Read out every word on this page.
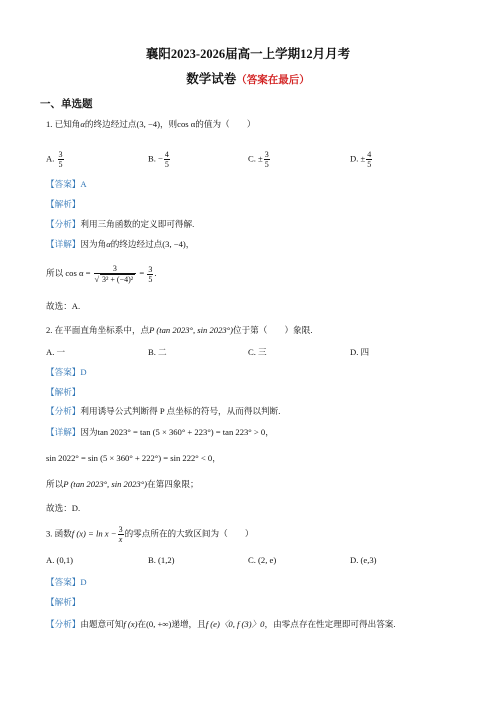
襄阳2023-2026届高一上学期12月月考
数学试卷（答案在最后）
一、单选题
1. 已知角α的终边经过点(3, −4)，则cos α的值为（　　）
A. $\frac{3}{5}$	B. − $\frac{4}{5}$	C. ± $\frac{3}{5}$	D. ± $\frac{4}{5}$
【答案】A
【解析】
【分析】利用三角函数的定义即可得解.
【详解】因为角α的终边经过点(3, −4)，
所以 $\cos \alpha = \frac{3}{\text{√ 3² + (−4)²}} = \frac{3}{5}$ .
故选：A.
2. 在平面直角坐标系中，点P (tan 2023°, sin 2023°)位于第（　　）象限.
A. 一	B. 二	C. 三	D. 四
【答案】D
【解析】
【分析】利用诱导公式判断得 P 点坐标的符号，从而得以判断.
【详解】因为tan 2023° = tan (5 × 360° + 223°) = tan 223° > 0，
sin 2022° = sin (5 × 360° + 222°) = sin 222° < 0，
所以P (tan 2023°, sin 2023°)在第四象限；
故选：D.
3. 函数f $(x) = \ln x - \frac{3}{x}$ 的零点所在的大致区间为（　　）
A. (0,1)	B. (1,2)	C. (2, e)	D. (e,3)
【答案】D
【解析】
【分析】由题意可知f (x)在(0, +∞)递增，且f (e)〈0, f (3)〉0，由零点存在性定理即可得出答案.
